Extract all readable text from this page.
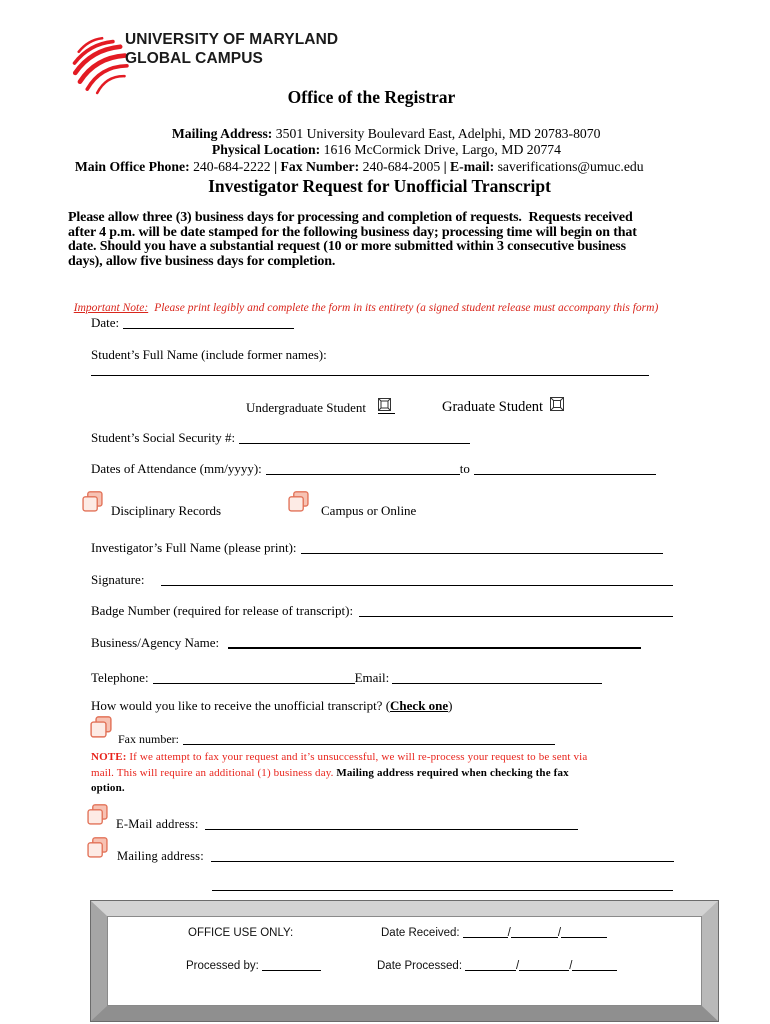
UNIVERSITY OF MARYLAND
GLOBAL CAMPUS
Office of the Registrar

Mailing Address: 3501 University Boulevard East, Adelphi, MD 20783-8070

Physical Location: 1616 McCormick Drive, Largo, MD 20774

Main Office Phone: 240-684-2222 | Fax Number: 240-684-2005 | E-mail: saverifications@umuc.edu

Investigator Request for Unofficial Transcript
Please allow three (3) business days for processing and completion of requests.  Requests received
after 4 p.m. will be date stamped for the following business day; processing time will begin on that
date. Should you have a substantial request (10 or more submitted within 3 consecutive business
days), allow five business days for completion.

Important Note: Please print legibly and complete the form in its entirety (a signed student release must accompany this form)

Date:
Student’s Full Name (include former names):
Undergraduate Student	Graduate Student
Student’s Social Security #:
Dates of Attendance (mm/yyyy):	to
Disciplinary Records	Campus or Online
Investigator’s Full Name (please print):
Signature:
Badge Number (required for release of transcript):
Business/Agency Name:
Telephone:	Email:
How would you like to receive the unofficial transcript? (Check one)
Fax number:
NOTE: If we attempt to fax your request and it’s unsuccessful, we will re-process your request to be sent via
mail. This will require an additional (1) business day. Mailing address required when checking the fax
option.
E-Mail address:
Mailing address:
OFFICE USE ONLY:	Date Received:	/	/
Processed by:	Date Processed:	/	/
